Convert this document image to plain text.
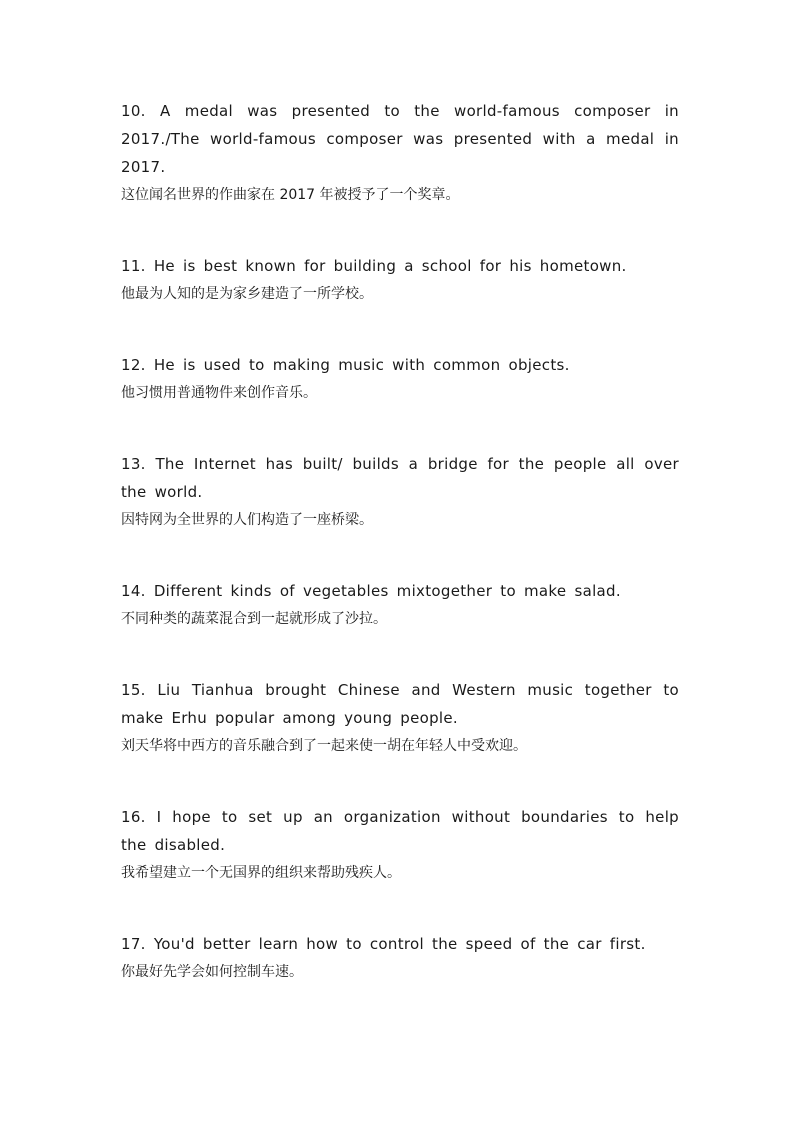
10. A medal was presented to the world-famous composer in 2017./The world-famous composer was presented with a medal in 2017.

这位闻名世界的作曲家在 2017 年被授予了一个奖章。

11. He is best known for building a school for his hometown.

他最为人知的是为家乡建造了一所学校。

12. He is used to making music with common objects.

他习惯用普通物件来创作音乐。

13. The Internet has built/ builds a bridge for the people all over the world.

因特网为全世界的人们构造了一座桥梁。

14. Different kinds of vegetables mixtogether to make salad.

不同种类的蔬菜混合到一起就形成了沙拉。

15. Liu Tianhua brought Chinese and Western music together to make Erhu popular among young people.

刘天华将中西方的音乐融合到了一起来使一胡在年轻人中受欢迎。

16. I hope to set up an organization without boundaries to help the disabled.

我希望建立一个无国界的组织来帮助残疾人。

17. You'd better learn how to control the speed of the car first.

你最好先学会如何控制车速。
